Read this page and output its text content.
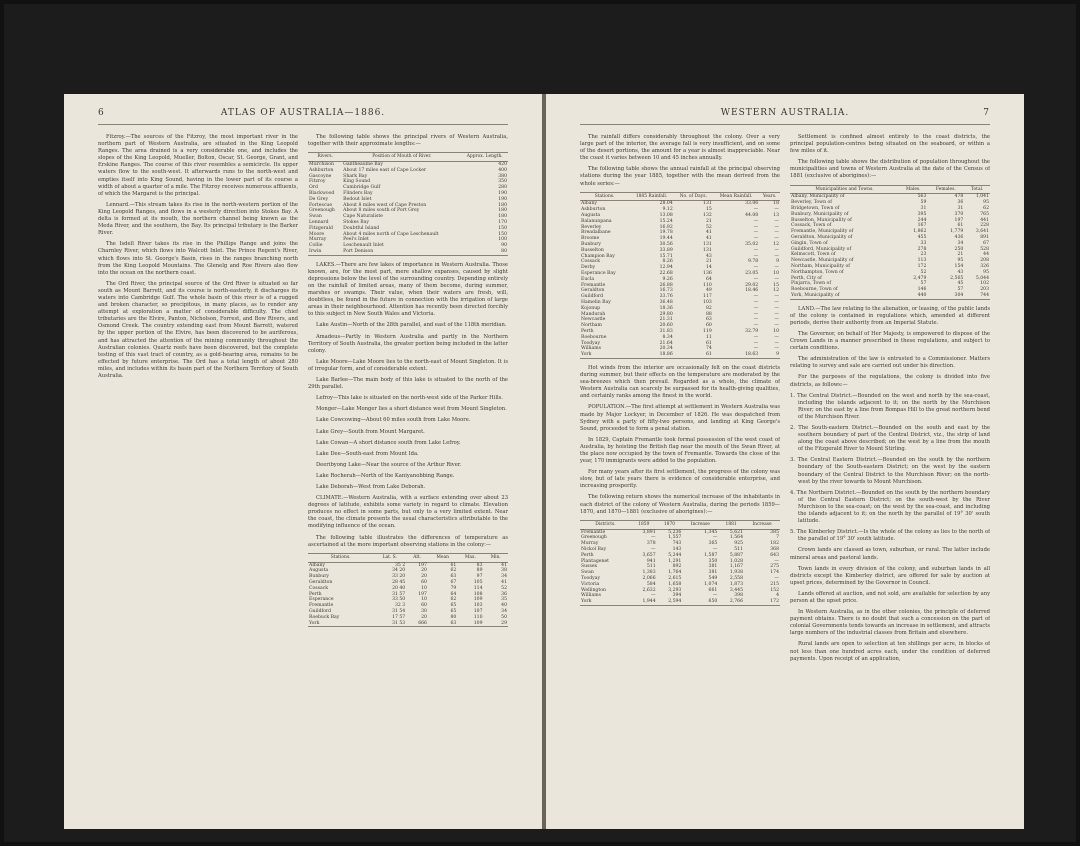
6	ATLAS OF AUSTRALIA—1886.

Fitzroy.—The sources of the Fitzroy, the most important river in the northern part of Western Australia, are situated in the King Leopold Ranges. The area drained is a very considerable one, and includes the slopes of the King Leopold, Mueller, Bolton, Oscar, St. George, Grant, and Erskine Ranges. The course of this river resembles a semicircle. Its upper waters flow to the south-west. It afterwards runs to the north-west and empties itself into King Sound, having in the lower part of its course a width of about a quarter of a mile. The Fitzroy receives numerous affluents, of which the Margaret is the principal.

Lennard.—This stream takes its rise in the north-western portion of the King Leopold Ranges, and flows in a westerly direction into Stokes Bay. A delta is formed at its mouth, the northern channel being known as the Meda River, and the southern, the Bay. Its principal tributary is the Barker River.

The Isdell River takes its rise in the Phillips Range and joins the Charnley River, which flows into Walcott Inlet. The Prince Regent's River, which flows into St. George's Basin, rises in the ranges branching north from the King Leopold Mountains. The Glenelg and Roe Rivers also flow into the ocean on the northern coast.

The Ord River, the principal source of the Ord River is situated so far south as Mount Barrett, and its course is north-easterly, it discharges its waters into Cambridge Gulf. The whole basin of this river is of a rugged and broken character, so precipitous, in many places, as to render any attempt at exploration a matter of considerable difficulty. The chief tributaries are the Elvire, Panton, Nicholson, Forrest, and Bow Rivers, and Osmond Creek. The country extending east from Mount Barrett, watered by the upper portion of the Elvire, has been discovered to be auriferous, and has attracted the attention of the mining community throughout the Australian colonies. Quartz reefs have been discovered, but the complete testing of this vast tract of country, as a gold-bearing area, remains to be effected by future enterprise. The Ord has a total length of about 280 miles, and includes within its basin part of the Northern Territory of South Australia.

The following table shows the principal rivers of Western Australia, together with their approximate lengths:—

Rivers.	Position of Mouth of River.	Approx. Length.
Murchison	Gantheaume Bay	420
Ashburton	About 17 miles east of Cape Locker	400
Gascoyne	Shark Bay	380
Fitzroy	King Sound	350
Ord	Cambridge Gulf	280
Blackwood	Flinders Bay	190
De Grey	Bedout Islet	190
Fortescue	About 8 miles west of Cape Preston	180
Greenough	About 8 miles south of Port Grey	180
Swan	Cape Naturaliste	180
Lennard	Stokes Bay	170
Fitzgerald	Doubtful Island	150
Moore	About 4 miles north of Cape Leschenault	150
Murray	Peel's Inlet	100
Collie	Leschenault Inlet	90
Irwin	Port Denison	80

LAKES.—There are few lakes of importance in Western Australia. Those known, are, for the most part, mere shallow expanses, caused by slight depressions below the level of the surrounding country. Depending entirely on the rainfall of limited areas, many of them become, during summer, marshes or swamps. Their value, when their waters are fresh, will, doubtless, be found in the future in connection with the irrigation of large areas in their neighbourhood. Attention has recently been directed forcibly to this subject in New South Wales and Victoria.

Lake Austin—North of the 28th parallel, and east of the 118th meridian.

Amadeus—Partly in Western Australia and partly in the Northern Territory of South Australia, the greater portion being included in the latter colony.

Lake Moore—Lake Moore lies to the north-east of Mount Singleton. It is of irregular form, and of considerable extent.

Lake Barlee—The main body of this lake is situated to the north of the 29th parallel.

Lefroy—This lake is situated on the north-west side of the Parker Hills.

Monger—Lake Monger lies a short distance west from Mount Singleton.

Lake Cowcowing—About 60 miles south from Lake Moore.

Lake Grey—South from Mount Margaret.

Lake Cowan—A short distance south from Lake Lefroy.

Lake Dee—South-east from Mount Ida.

Deeribyong Lake—Near the source of the Arthur River.

Lake Rocherah—North of the Kaniyanobbing Range.

Lake Deborah—West from Lake Deborah.

CLIMATE.—Western Australia, with a surface extending over about 23 degrees of latitude, exhibits some variety in regard to climate. Elevation produces no effect in some parts, but only to a very limited extent. Near the coast, the climate presents the usual characteristics attributable to the modifying influence of the ocean.

The following table illustrates the differences of temperature as ascertained at the more important observing stations in the colony:—

Stations.	Lat. S.	Alt.	Mean	Max.	Min.
Albany	35 2	197	61	83	41
Augusta	34 20	20	62	89	38
Bunbury	33 20	20	63	97	34
Geraldton	28 45	60	67	105	41
Cossack	20 40	10	79	114	52
Perth	31 57	197	64	108	36
Esperance	33 50	10	62	109	35
Fremantle	32 3	60	65	103	40
Guildford	31 54	30	65	107	34
Roebuck Bay	17 57	20	80	110	50
York	31 53	666	63	109	29
WESTERN AUSTRALIA.	7

The rainfall differs considerably throughout the colony. Over a very large part of the interior, the average fall is very insufficient, and on some of the desert portions, the amount for a year is almost inappreciable. Near the coast it varies between 10 and 45 inches annually.

The following table shows the annual rainfall at the principal observing stations during the year 1885, together with the mean derived from the whole series:—

Stations.	1885 Rainfall.	No. of Days.	Mean Rainfall.	Years.
Albany	28.04	131	33.06	18
Ashburton	9.12	15	—	—
Augusta	13.08	132	44.08	13
Balanunpana	15.24	21	—	—
Beverley	16.92	52	—	—
Breadalbane	19.78	41	—	—
Broome	19.44	41	—	—
Bunbury	30.56	131	35.02	12
Busselton	33.89	131	—	—
Champion Bay	15.71	43	—	—
Cossack	8.26	21	9.78	9
Derby	12.94	14	—	—
Esperance Bay	22.68	136	23.05	10
Eucla	9.26	64	—	—
Fremantle	26.88	110	29.02	15
Geraldton	16.73	49	18.46	12
Guildford	33.76	117	—	—
Hamelin Bay	36.48	103	—	—
Kojonup	18.36	82	—	—
Mandurah	29.80	88	—	—
Newcastle	21.31	63	—	—
Northam	20.60	60	—	—
Perth	31.83	119	32.79	10
Roebourne	8.34	11	—	—
Toodyay	21.64	61	—	—
Williams	20.34	74	—	—
York	18.86	61	18.63	9

Hot winds from the interior are occasionally felt on the coast districts during summer, but their effects on the temperature are moderated by the sea-breezes which then prevail. Regarded as a whole, the climate of Western Australia can scarcely be surpassed for its health-giving qualities, and certainly ranks among the finest in the world.

POPULATION.—The first attempt at settlement in Western Australia was made by Major Lockyer, in December of 1826. He was despatched from Sydney with a party of fifty-two persons, and landing at King George's Sound, proceeded to form a penal station.

In 1829, Captain Fremantle took formal possession of the west coast of Australia, by hoisting the British flag near the mouth of the Swan River, at the place now occupied by the town of Fremantle. Towards the close of the year, 170 immigrants were added to the population.

For many years after its first settlement, the progress of the colony was slow, but of late years there is evidence of considerable enterprise, and increasing prosperity.

The following return shows the numerical increase of the inhabitants in each district of the colony of Western Australia, during the periods 1859—1870, and 1870—1881 (exclusive of aborigines):—

Districts.	1859	1870	Increase	1881	Increase
Fremantle	3,891	5,236	1,345	5,621	385
Greenough	—	1,557	—	1,564	7
Murray	378	743	365	925	182
Nickol Bay	—	143	—	511	368
Perth	3,657	5,244	1,587	5,887	643
Plantagenet	941	1,291	350	1,028	—
Sussex	511	892	381	1,167	275
Swan	1,383	1,764	381	1,938	174
Toodyay	2,066	2,615	549	2,558	—
Victoria	584	1,658	1,074	1,873	215
Wellington	2,632	3,293	661	3,445	152
Williams	—	394	—	398	4
York	1,944	2,594	650	2,766	172

Settlement is confined almost entirely to the coast districts, the principal population-centres being situated on the seaboard, or within a few miles of it.

The following table shows the distribution of population throughout the municipalities and towns of Western Australia at the date of the Census of 1881 (exclusive of aborigines):—

Municipalities and Towns.	Males.	Females.	Total.
Albany, Municipality of	563	478	1,041
Beverley, Town of	59	36	95
Bridgetown, Town of	31	31	62
Bunbury, Municipality of	395	370	765
Busselton, Municipality of	244	197	441
Cossack, Town of	167	61	228
Fremantle, Municipality of	1,862	1,779	3,641
Geraldton, Municipality of	455	436	891
Gingin, Town of	33	34	67
Guildford, Municipality of	278	250	528
Kelmscott, Town of	23	21	44
Newcastle, Municipality of	113	95	208
Northam, Municipality of	172	154	326
Northampton, Town of	52	43	95
Perth, City of	2,479	2,565	5,044
Pinjarra, Town of	57	45	102
Roebourne, Town of	146	57	203
York, Municipality of	440	304	744

LAND.—The law relating to the alienation, or leasing, of the public lands of the colony is contained in regulations which, amended at different periods, derive their authority from an Imperial Statute.

The Governor, on behalf of Her Majesty, is empowered to dispose of the Crown Lands in a manner prescribed in these regulations, and subject to certain conditions.

The administration of the law is entrusted to a Commissioner. Matters relating to survey and sale are carried out under his direction.

For the purposes of the regulations, the colony is divided into five districts, as follows:—

1. The Central District.—Bounded on the west and north by the sea-coast, including the islands adjacent to it; on the north by the Murchison River; on the east by a line from Bompas Hill to the great northern bend of the Murchison River.
2. The South-eastern District.—Bounded on the south and east by the southern boundary of part of the Central District, viz., the strip of land along the coast above described; on the west by a line from the mouth of the Fitzgerald River to Mount Stirling.
3. The Central Eastern District.—Bounded on the south by the northern boundary of the South-eastern District; on the west by the eastern boundary of the Central District to the Murchison River; on the north-west by the river towards to Mount Murchison.
4. The Northern District.—Bounded on the south by the northern boundary of the Central Eastern District; on the south-west by the River Murchison to the sea-coast; on the west by the sea-coast, and including the islands adjacent to it; on the north by the parallel of 19° 30' south latitude.
5. The Kimberley District.—Is the whole of the colony as lies to the north of the parallel of 19° 30' south latitude.

Crown lands are classed as town, suburban, or rural. The latter include mineral areas and pastoral lands.

Town lands in every division of the colony, and suburban lands in all districts except the Kimberley district, are offered for sale by auction at upset prices, determined by the Governor in Council.

Lands offered at auction, and not sold, are available for selection by any person at the upset price.

In Western Australia, as in the other colonies, the principle of deferred payment obtains. There is no doubt that such a concession on the part of colonial Governments tends towards an increase in settlement, and attracts large numbers of the industrial classes from Britain and elsewhere.

Rural lands are open to selection at ten shillings per acre, in blocks of not less than one hundred acres each, under the condition of deferred payments. Upon receipt of an application,
